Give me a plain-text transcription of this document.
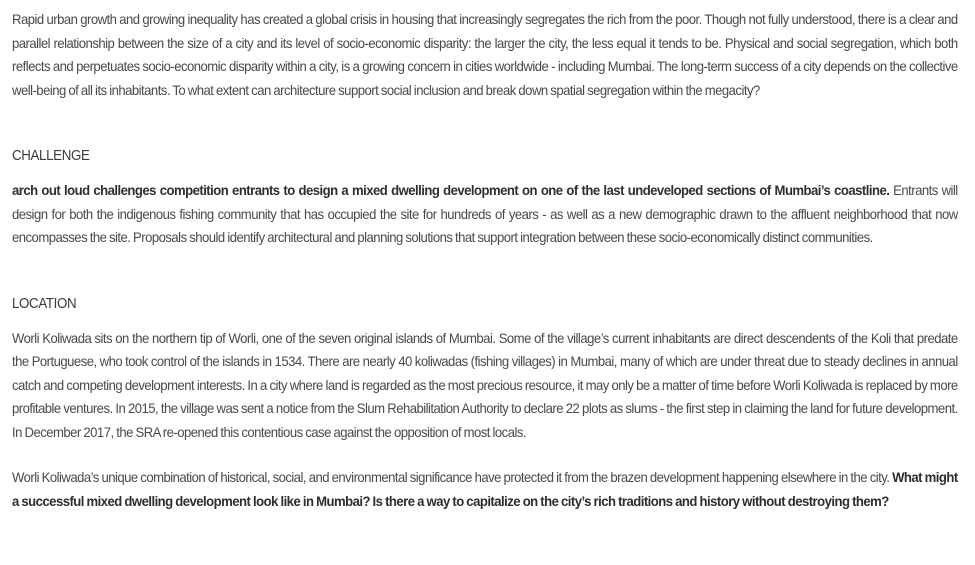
Rapid urban growth and growing inequality has created a global crisis in housing that increasingly segregates the rich from the poor. Though not fully understood, there is a clear and parallel relationship between the size of a city and its level of socio-economic disparity: the larger the city, the less equal it tends to be. Physical and social segregation, which both reflects and perpetuates socio-economic disparity within a city, is a growing concern in cities worldwide - including Mumbai. The long-term success of a city depends on the collective well-being of all its inhabitants. To what extent can architecture support social inclusion and break down spatial segregation within the megacity?

CHALLENGE

arch out loud challenges competition entrants to design a mixed dwelling development on one of the last undeveloped sections of Mumbai’s coastline. Entrants will design for both the indigenous fishing community that has occupied the site for hundreds of years - as well as a new demographic drawn to the affluent neighborhood that now encompasses the site. Proposals should identify architectural and planning solutions that support integration between these socio-economically distinct communities.

LOCATION

Worli Koliwada sits on the northern tip of Worli, one of the seven original islands of Mumbai. Some of the village’s current inhabitants are direct descendents of the Koli that predate the Portuguese, who took control of the islands in 1534. There are nearly 40 koliwadas (fishing villages) in Mumbai, many of which are under threat due to steady declines in annual catch and competing development interests. In a city where land is regarded as the most precious resource, it may only be a matter of time before Worli Koliwada is replaced by more profitable ventures. In 2015, the village was sent a notice from the Slum Rehabilitation Authority to declare 22 plots as slums - the first step in claiming the land for future development. In December 2017, the SRA re-opened this contentious case against the opposition of most locals.

Worli Koliwada’s unique combination of historical, social, and environmental significance have protected it from the brazen development happening elsewhere in the city. What might a successful mixed dwelling development look like in Mumbai? Is there a way to capitalize on the city’s rich traditions and history without destroying them?
